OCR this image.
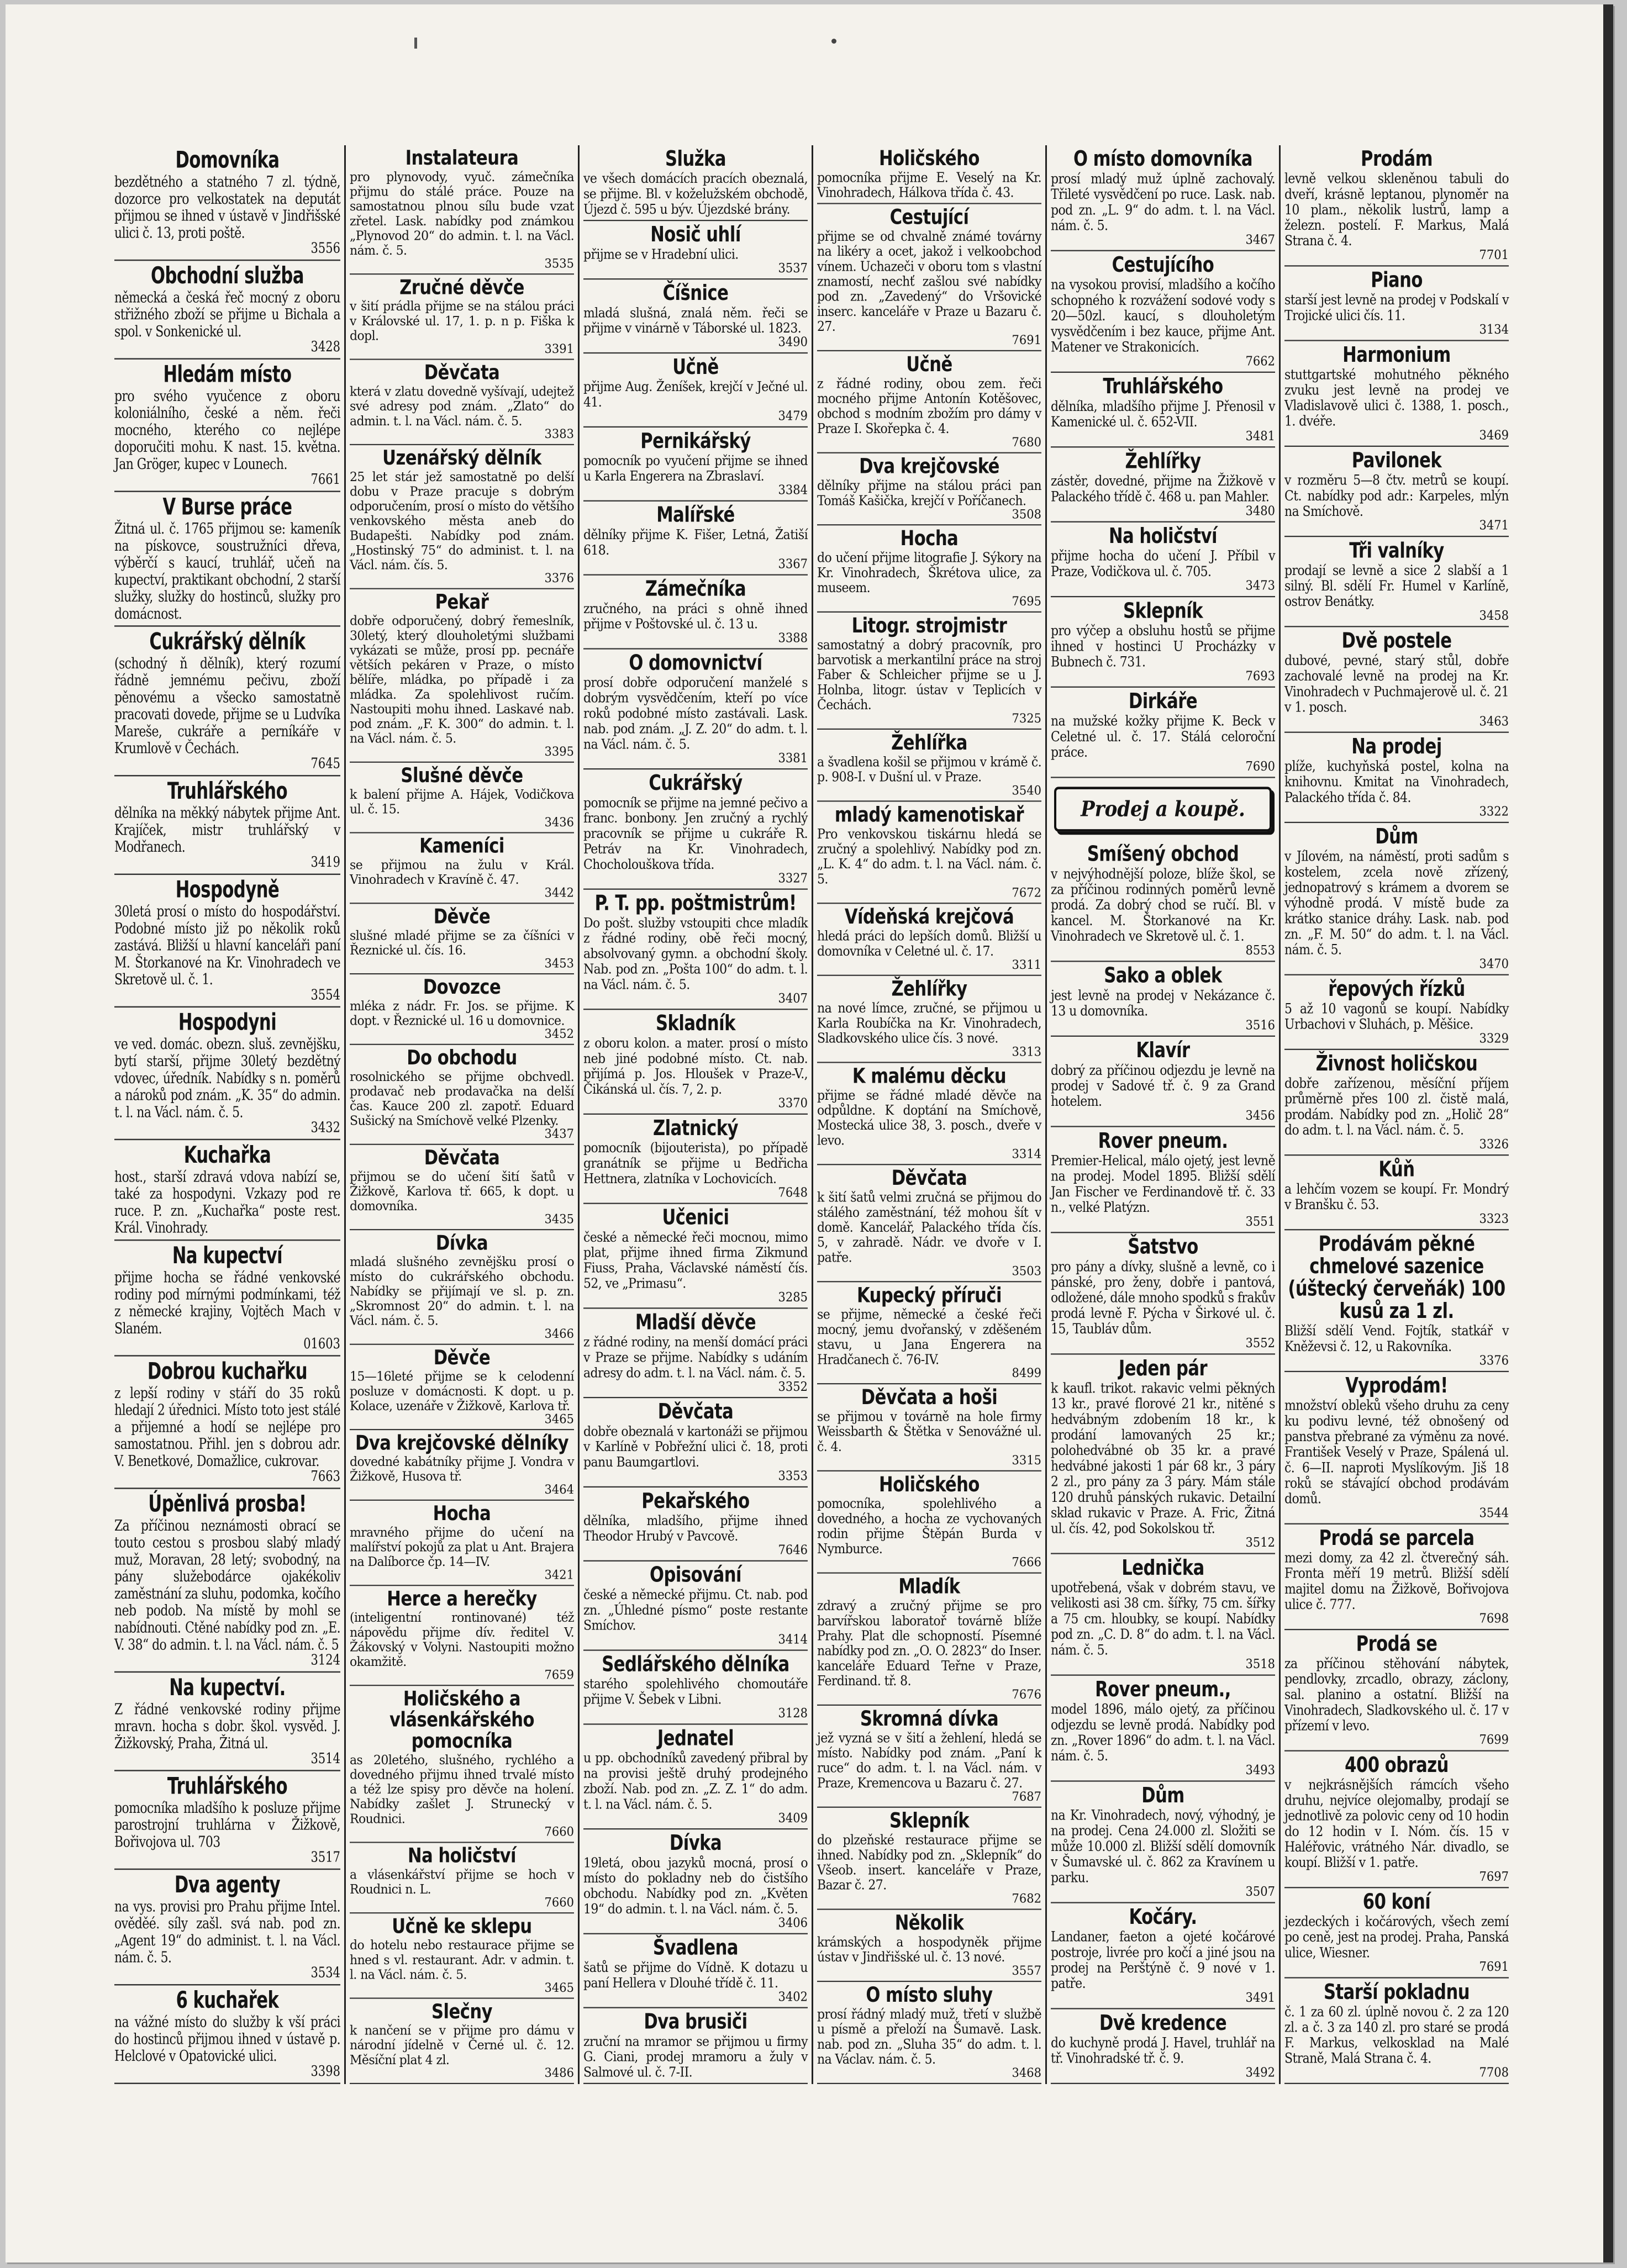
Domovníka

bezdětného a statného 7 zl. týdně, dozorce pro velkostatek na deputát přijmou se ihned v ústavě v Jindřišské ulici č. 13, proti poště.

3556
Obchodní služba

německá a česká řeč mocný z oboru střižného zboží se přijme u Bichala a spol. v Sonkenické ul.

3428
Hledám místo

pro svého vyučence z oboru koloniálního, české a něm. řeči mocného, kterého co nejlépe doporučiti mohu. K nast. 15. května. Jan Gröger, kupec v Lounech.

7661
V Burse práce

Žitná ul. č. 1765 přijmou se: kameník na pískovce, soustružníci dřeva, výběrčí s kaucí, truhlář, učeň na kupectví, praktikant obchodní, 2 starší služky, služky do hostinců, služky pro domácnost.

Cukrářský dělník

(schodný ň dělník), který rozumí řádně jemnému pečivu, zboží pěnovému a všecko samostatně pracovati dovede, přijme se u Ludvíka Mareše, cukráře a perníkáře v Krumlově v Čechách.

7645
Truhlářského

dělníka na měkký nábytek přijme Ant. Krajíček, mistr truhlářský v Modřanech.

3419
Hospodyně

30letá prosí o místo do hospodářství. Podobné místo již po několik roků zastává. Bližší u hlavní kanceláři paní M. Štorkanové na Kr. Vinohradech ve Skretově ul. č. 1.

3554
Hospodyni

ve ved. domác. obezn. sluš. zevnějšku, bytí starší, přijme 30letý bezdětný vdovec, úředník. Nabídky s n. poměrů a nároků pod znám. „K. 35“ do admin. t. l. na Václ. nám. č. 5.

3432
Kuchařka

host., starší zdravá vdova nabízí se, také za hospodyni. Vzkazy pod re ruce. P. zn. „Kuchařka“ poste rest. Král. Vinohrady.

Na kupectví

přijme hocha se řádné venkovské rodiny pod mírnými podmínkami, též z německé krajiny, Vojtěch Mach v Slaném.

01603
Dobrou kuchařku

z lepší rodiny v stáří do 35 roků hledají 2 úřednici. Místo toto jest stálé a přijemné a hodí se nejlépe pro samostatnou. Přihl. jen s dobrou adr. V. Benetkové, Domažlice, cukrovar.

7663
Úpěnlivá prosba!

Za příčinou neznámosti obrací se touto cestou s prosbou slabý mladý muž, Moravan, 28 letý; svobodný, na pány služebodárce ojakékoliv zaměstnání za sluhu, podomka, kočího neb podob. Na místě by mohl se nabídnouti. Ctěné nabídky pod zn. „E. V. 38“ do admin. t. l. na Václ. nám. č. 5

3124
Na kupectví.

Z řádné venkovské rodiny přijme mravn. hocha s dobr. škol. vysvěd. J. Žižkovský, Praha, Žitná ul.

3514
Truhlářského

pomocníka mladšího k posluze přijme parostrojní truhlárna v Žižkově, Bořivojova ul. 703

3517
Dva agenty

na vys. provisi pro Prahu přijme Intel. ověděé. síly zašl. svá nab. pod zn. „Agent 19“ do administ. t. l. na Václ. nám. č. 5.

3534
6 kuchařek

na vážné místo do služby k vší práci do hostinců přijmou ihned v ústavě p. Helclové v Opatovické ulici.

3398
Instalateura

pro plynovody, vyuč. zámečníka přijmu do stálé práce. Pouze na samostatnou plnou sílu bude vzat zřetel. Lask. nabídky pod známkou „Plynovod 20“ do admin. t. l. na Václ. nám. č. 5.

3535
Zručné děvče

v šití prádla přijme se na stálou práci v Královské ul. 17, 1. p. n p. Fiška k dopl.

3391
Děvčata

která v zlatu dovedně vyšívají, udejtež své adresy pod znám. „Zlato“ do admin. t. l. na Václ. nám. č. 5.

3383
Uzenářský dělník

25 let stár jež samostatně po delší dobu v Praze pracuje s dobrým odporučením, prosí o místo do většího venkovského města aneb do Budapešti. Nabídky pod znám. „Hostinský 75“ do administ. t. l. na Václ. nám. čís. 5.

3376
Pekař

dobře odporučený, dobrý řemeslník, 30letý, který dlouholetými službami vykázati se může, prosí pp. pecnáře větších pekáren v Praze, o místo bělíře, mládka, po případě i za mládka. Za spolehlivost ručím. Nastoupiti mohu ihned. Laskavé nab. pod znám. „F. K. 300“ do admin. t. l. na Václ. nám. č. 5.

3395
Slušné děvče

k balení přijme A. Hájek, Vodičkova ul. č. 15.

3436
Kameníci

se přijmou na žulu v Král. Vinohradech v Kravíně č. 47.

3442
Děvče

slušné mladé přijme se za číšníci v Řeznické ul. čís. 16.

3453
Dovozce

mléka z nádr. Fr. Jos. se přijme. K dopt. v Řeznické ul. 16 u domovnice.

3452
Do obchodu

rosolnického se přijme obchvedl. prodavač neb prodavačka na delší čas. Kauce 200 zl. zapotř. Eduard Sušický na Smíchově velké Plzenky.

3437
Děvčata

přijmou se do učení šití šatů v Žižkově, Karlova tř. 665, k dopt. u domovníka.

3435
Dívka

mladá slušného zevnějšku prosí o místo do cukrářského obchodu. Nabídky se přijímají ve sl. p. zn. „Skromnost 20“ do admin. t. l. na Václ. nám. č. 5.

3466
Děvče

15—16leté přijme se k celodenní posluze v domácnosti. K dopt. u p. Kolace, uzenáře v Žižkově, Karlova tř.

3465
Dva krejčovské dělníky

dovedné kabátníky přijme J. Vondra v Žižkově, Husova tř.

3464
Hocha

mravného přijme do učení na malířství pokojů za plat u Ant. Brajera na Dalíborce čp. 14—IV.

3421
Herce a herečky

(inteligentní rontinované) též nápovědu přijme dív. ředitel V. Žákovský v Volyni. Nastoupiti možno okamžitě.

7659
Holičského a vlásenkářského pomocníka

as 20letého, slušného, rychlého a dovedného přijmu ihned trvalé místo a též lze spisy pro děvče na holení. Nabídky zašlet J. Strunecký v Roudnici.

7660
Na holičství

a vlásenkářství přijme se hoch v Roudnici n. L.

7660
Učně ke sklepu

do hotelu nebo restaurace přijme se hned s vl. restaurant. Adr. v admin. t. l. na Václ. nám. č. 5.

3465
Slečny

k nančení se v přijme pro dámu v národní jídelně v Černé ul. č. 12. Měsíční plat 4 zl.

3486
Služka

ve všech domácích pracích obeznalá, se přijme. Bl. v koželužském obchodě, Újezd č. 595 u býv. Újezdské brány.

Nosič uhlí

přijme se v Hradební ulici.

3537
Číšnice

mladá slušná, znalá něm. řeči se přijme v vinárně v Táborské ul. 1823.

3490
Učně

přijme Aug. Ženíšek, krejčí v Ječné ul. 41.

3479
Pernikářský

pomocník po vyučení přijme se ihned u Karla Engerera na Zbraslaví.

3384
Malířské

dělníky přijme K. Fišer, Letná, Žatiší 618.

3367
Zámečníka

zručného, na práci s ohně ihned přijme v Poštovské ul. č. 13 u.

3388
O domovnictví

prosí dobře odporučení manželé s dobrým vysvědčením, kteří po více roků podobné místo zastávali. Lask. nab. pod znám. „J. Z. 20“ do adm. t. l. na Václ. nám. č. 5.

3381
Cukrářský

pomocník se přijme na jemné pečivo a franc. bonbony. Jen zručný a rychlý pracovník se přijme u cukráře R. Petráv na Kr. Vinohradech, Chocholouškova třída.

3327
P. T. pp. poštmistrům!

Do pošt. služby vstoupiti chce mladík z řádné rodiny, obě řeči mocný, absolvovaný gymn. a obchodní školy. Nab. pod zn. „Pošta 100“ do adm. t. l. na Václ. nám. č. 5.

3407
Skladník

z oboru kolon. a mater. prosí o místo neb jiné podobné místo. Ct. nab. přijímá p. Jos. Hloušek v Praze-V., Čikánská ul. čís. 7, 2. p.

3370
Zlatnický

pomocník (bijouterista), po případě granátník se přijme u Bedřicha Hettnera, zlatníka v Lochovicích.

7648
Učenici

české a německé řeči mocnou, mimo plat, přijme ihned firma Zikmund Fiuss, Praha, Václavské náměstí čís. 52, ve „Primasu“.

3285
Mladší děvče

z řádné rodiny, na menší domácí práci v Praze se přijme. Nabídky s udáním adresy do adm. t. l. na Václ. nám. č. 5.

3352
Děvčata

dobře obeznalá v kartonáži se přijmou v Karlíně v Pobřežní ulici č. 18, proti panu Baumgartlovi.

3353
Pekařského

dělníka, mladšího, přijme ihned Theodor Hrubý v Pavcově.

7646
Opisování

české a německé přijmu. Ct. nab. pod zn. „Úhledné písmo“ poste restante Smíchov.

3414
Sedlářského dělníka

starého spolehlivého chomoutáře přijme V. Šebek v Libni.

3128
Jednatel

u pp. obchodníků zavedený přibral by na provisi ještě druhý prodejného zboží. Nab. pod zn. „Z. Z. 1“ do adm. t. l. na Václ. nám. č. 5.

3409
Dívka

19letá, obou jazyků mocná, prosí o místo do pokladny neb do čistšího obchodu. Nabídky pod zn. „Květen 19“ do admin. t. l. na Václ. nám. č. 5.

3406
Švadlena

šatů se přijme do Vídně. K dotazu u paní Hellera v Dlouhé třídě č. 11.

3402
Dva brusiči

zruční na mramor se přijmou u firmy G. Ciani, prodej mramoru a žuly v Salmové ul. č. 7-II.

Holičského

pomocníka přijme E. Veselý na Kr. Vinohradech, Hálkova třída č. 43.

Cestující

přijme se od chvalně známé továrny na likéry a ocet, jakož i velkoobchod vínem. Uchazeči v oboru tom s vlastní znamostí, nechť zašlou své nabídky pod zn. „Zavedený“ do Vršovické inserc. kanceláře v Praze u Bazaru č. 27.

7691
Učně

z řádné rodiny, obou zem. řeči mocného přijme Antonín Kotěšovec, obchod s modním zbožím pro dámy v Praze I. Skořepka č. 4.

7680
Dva krejčovské

dělníky přijme na stálou práci pan Tomáš Kašička, krejčí v Poříčanech.

3508
Hocha

do učení přijme litografie J. Sýkory na Kr. Vinohradech, Škrétova ulice, za museem.

7695
Litogr. strojmistr

samostatný a dobrý pracovník, pro barvotisk a merkantilní práce na stroj Faber & Schleicher přijme se u J. Holnba, litogr. ústav v Teplicích v Čechách.

7325
Žehlířka

a švadlena košil se přijmou v krámě č. p. 908-I. v Dušní ul. v Praze.

3540
mladý kamenotiskař

Pro venkovskou tiskárnu hledá se zručný a spolehlivý. Nabídky pod zn. „L. K. 4“ do adm. t. l. na Václ. nám. č. 5.

7672
Vídeňská krejčová

hledá práci do lepších domů. Bližší u domovníka v Celetné ul. č. 17.

3311
Žehlířky

na nové límce, zručné, se přijmou u Karla Roubíčka na Kr. Vinohradech, Sladkovského ulice čís. 3 nové.

3313
K malému děcku

přijme se řádné mladé děvče na odpůldne. K doptání na Smíchově, Mostecká ulice 38, 3. posch., dveře v levo.

3314
Děvčata

k šití šatů velmi zručná se přijmou do stálého zaměstnání, též mohou šít v domě. Kancelář, Palackého třída čís. 5, v zahradě. Nádr. ve dvoře v I. patře.

3503
Kupecký příruči

se přijme, německé a české řeči mocný, jemu dvořanský, v zděšeném stavu, u Jana Engerera na Hradčanech č. 76-IV.

8499
Děvčata a hoši

se přijmou v továrně na hole firmy Weissbarth & Štětka v Senovážné ul. č. 4.

3315
Holičského

pomocníka, spolehlivého a dovedného, a hocha ze vychovaných rodin přijme Štěpán Burda v Nymburce.

7666
Mladík

zdravý a zručný přijme se pro barvířskou laboratoř továrně blíže Prahy. Plat dle schopností. Písemné nabídky pod zn. „O. O. 2823“ do Inser. kanceláře Eduard Teřne v Praze, Ferdinand. tř. 8.

7676
Skromná dívka

jež vyzná se v šití a žehlení, hledá se místo. Nabídky pod znám. „Paní k ruce“ do adm. t. l. na Václ. nám. v Praze, Kremencova u Bazaru č. 27.

7687
Sklepník

do plzeňské restaurace přijme se ihned. Nabídky pod zn. „Sklepník“ do Všeob. insert. kanceláře v Praze, Bazar č. 27.

7682
Několik

krámských a hospodyněk přijme ústav v Jindřišské ul. č. 13 nové.

3557
O místo sluhy

prosí řádný mladý muž, třetí v službě u písmě a přeloží na Šumavě. Lask. nab. pod zn. „Sluha 35“ do adm. t. l. na Václav. nám. č. 5.

3468
O místo domovníka

prosí mladý muž úplně zachovalý. Třileté vysvědčení po ruce. Lask. nab. pod zn. „L. 9“ do adm. t. l. na Václ. nám. č. 5.

3467
Cestujícího

na vysokou provisí, mladšího a kočího schopného k rozvážení sodové vody s 20—50zl. kaucí, s dlouholetým vysvědčením i bez kauce, přijme Ant. Matener ve Strakonicích.

7662
Truhlářského

dělníka, mladšího přijme J. Přenosil v Kamenické ul. č. 652-VII.

3481
Žehlířky

zástěr, dovedné, přijme na Žižkově v Palackého třídě č. 468 u. pan Mahler.

3480
Na holičství

přijme hocha do učení J. Příbil v Praze, Vodičkova ul. č. 705.

3473
Sklepník

pro výčep a obsluhu hostů se přijme ihned v hostinci U Procházky v Bubnech č. 731.

7693
Dirkáře

na mužské kožky přijme K. Beck v Celetné ul. č. 17. Stálá celoroční práce.

7690
Prodej a koupě.
Smíšený obchod

v nejvýhodnější poloze, blíže škol, se za příčinou rodinných poměrů levně prodá. Za dobrý chod se ručí. Bl. v kancel. M. Štorkanové na Kr. Vinohradech ve Skretově ul. č. 1.

8553
Sako a oblek

jest levně na prodej v Nekázance č. 13 u domovníka.

3516
Klavír

dobrý za příčinou odjezdu je levně na prodej v Sadové tř. č. 9 za Grand hotelem.

3456
Rover pneum.

Premier-Helical, málo ojetý, jest levně na prodej. Model 1895. Bližší sdělí Jan Fischer ve Ferdinandově tř. č. 33 n., velké Platýzn.

3551
Šatstvo

pro pány a dívky, slušně a levně, co i pánské, pro ženy, dobře i pantová, odložené, dále mnoho spodků s frakův prodá levně F. Pýcha v Širkové ul. č. 15, Taubláv dům.

3552
Jeden pár

k kaufl. trikot. rakavic velmi pěkných 13 kr., pravé florové 21 kr., nitěné s hedvábným zdobením 18 kr., k prodání lamovaných 25 kr.; polohedvábné ob 35 kr. a pravé hedvábné jakosti 1 pár 68 kr., 3 páry 2 zl., pro pány za 3 páry. Mám stále 120 druhů pánských rukavic. Detailní sklad rukavic v Praze. A. Fric, Žitná ul. čís. 42, pod Sokolskou tř.

3512
Lednička

upotřebená, však v dobrém stavu, ve velikosti asi 38 cm. šířky, 75 cm. šířky a 75 cm. hloubky, se koupí. Nabídky pod zn. „C. D. 8“ do adm. t. l. na Václ. nám. č. 5.

3518
Rover pneum.,

model 1896, málo ojetý, za příčinou odjezdu se levně prodá. Nabídky pod zn. „Rover 1896“ do adm. t. l. na Václ. nám. č. 5.

3493
Dům

na Kr. Vinohradech, nový, výhodný, je na prodej. Cena 24.000 zl. Složiti se může 10.000 zl. Bližší sdělí domovník v Šumavské ul. č. 862 za Kravínem u parku.

3507
Kočáry.

Landaner, faeton a ojeté kočárové postroje, livrée pro kočí a jiné jsou na prodej na Perštýně č. 9 nové v 1. patře.

3491
Dvě kredence

do kuchyně prodá J. Havel, truhlář na tř. Vinohradské tř. č. 9.

3492
Prodám

levně velkou skleněnou tabuli do dveří, krásně leptanou, plynoměr na 10 plam., několik lustrů, lamp a železn. postelí. F. Markus, Malá Strana č. 4.

7701
Piano

starší jest levně na prodej v Podskalí v Trojické ulici čís. 11.

3134
Harmonium

stuttgartské mohutného pěkného zvuku jest levně na prodej ve Vladislavově ulici č. 1388, 1. posch., 1. dvéře.

3469
Pavilonek

v rozměru 5—8 čtv. metrů se koupí. Ct. nabídky pod adr.: Karpeles, mlýn na Smíchově.

3471
Tři valníky

prodají se levně a sice 2 slabší a 1 silný. Bl. sdělí Fr. Humel v Karlíně, ostrov Benátky.

3458
Dvě postele

dubové, pevné, starý stůl, dobře zachovalé levně na prodej na Kr. Vinohradech v Puchmajerově ul. č. 21 v 1. posch.

3463
Na prodej

plíže, kuchyňská postel, kolna na knihovnu. Kmitat na Vinohradech, Palackého třída č. 84.

3322
Dům

v Jílovém, na náměstí, proti sadům s kostelem, zcela nově zřízený, jednopatrový s krámem a dvorem se výhodně prodá. V místě bude za krátko stanice dráhy. Lask. nab. pod zn. „F. M. 50“ do adm. t. l. na Václ. nám. č. 5.

3470
řepových řízků

5 až 10 vagonů se koupí. Nabídky Urbachovi v Sluhách, p. Měšice.

3329
Živnost holičskou

dobře zařízenou, měsíční příjem průměrně přes 100 zl. čistě malá, prodám. Nabídky pod zn. „Holič 28“ do adm. t. l. na Václ. nám. č. 5.

3326
Kůň

a lehčím vozem se koupí. Fr. Mondrý v Branšku č. 53.

3323
Prodávám pěkné chmelové sazenice (úštecký červeňák) 100 kusů za 1 zl.

Bližší sdělí Vend. Fojtík, statkář v Kněževsi č. 12, u Rakovníka.

3376
Vyprodám!

množství obleků všeho druhu za ceny ku podivu levné, též obnošený od panstva přebrané za výměnu za nové. František Veselý v Praze, Spálená ul. č. 6—II. naproti Myslíkovým. Jiš 18 roků se stávající obchod prodávám domů.

3544
Prodá se parcela

mezi domy, za 42 zl. čtverečný sáh. Fronta měří 19 metrů. Bližší sdělí majitel domu na Žižkově, Bořivojova ulice č. 777.

7698
Prodá se

za příčinou stěhování nábytek, pendlovky, zrcadlo, obrazy, záclony, sal. planino a ostatní. Bližší na Vinohradech, Sladkovského ul. č. 17 v přízemí v levo.

7699
400 obrazů

v nejkrásnějších rámcích všeho druhu, nejvíce olejomalby, prodají se jednotlivě za polovic ceny od 10 hodin do 12 hodin v I. Nóm. čís. 15 v Haléřovic, vrátného Nár. divadlo, se koupí. Bližší v 1. patře.

7697
60 koní

jezdeckých i kočárových, všech zemí po ceně, jest na prodej. Praha, Panská ulice, Wiesner.

7691
Starší pokladnu

č. 1 za 60 zl. úplně novou č. 2 za 120 zl. a č. 3 za 140 zl. pro staré se prodá F. Markus, velkosklad na Malé Straně, Malá Strana č. 4.

7708
